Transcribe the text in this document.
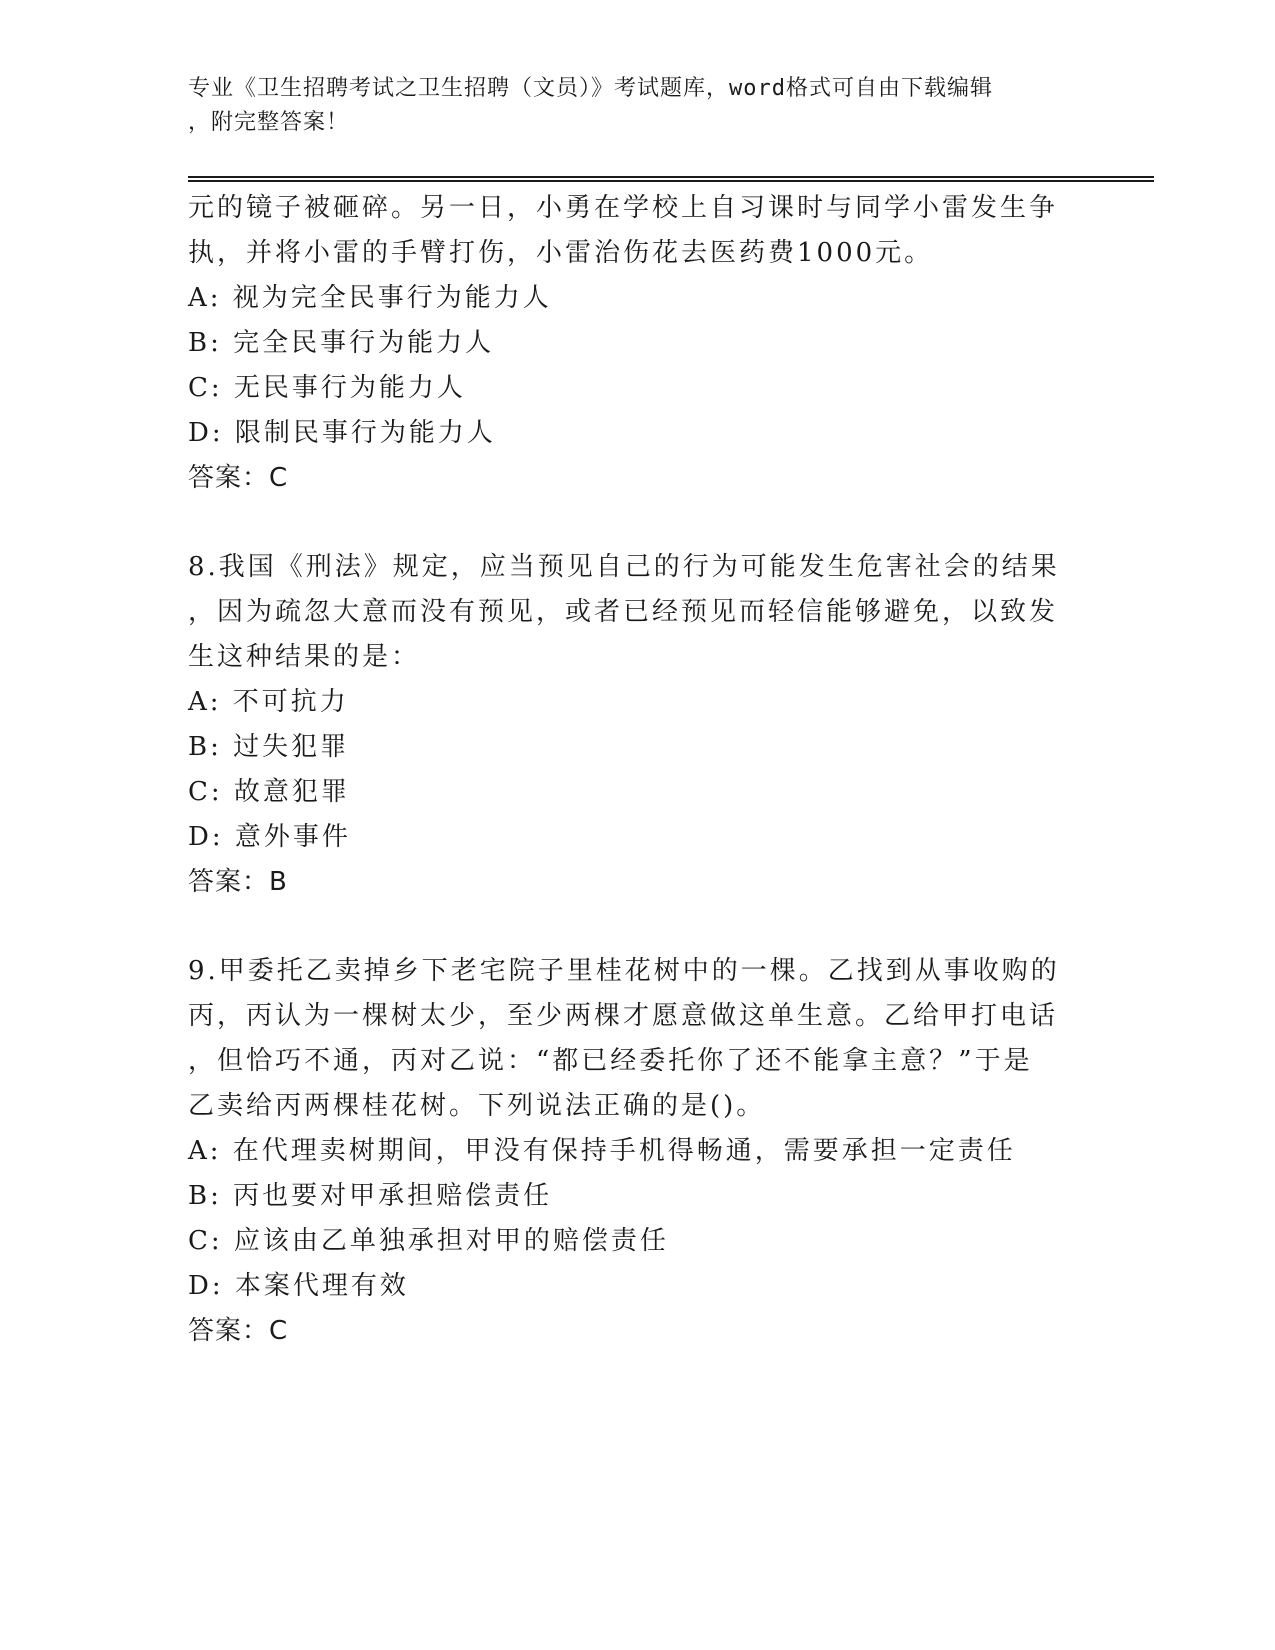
专业《卫生招聘考试之卫生招聘（文员）》考试题库，word格式可自由下载编辑
，附完整答案！

元的镜子被砸碎。另一日，小勇在学校上自习课时与同学小雷发生争

执，并将小雷的手臂打伤，小雷治伤花去医药费1000元。

A: 视为完全民事行为能力人

B: 完全民事行为能力人

C: 无民事行为能力人

D: 限制民事行为能力人

答案：C

8.我国《刑法》规定，应当预见自己的行为可能发生危害社会的结果

，因为疏忽大意而没有预见，或者已经预见而轻信能够避免，以致发

生这种结果的是：

A: 不可抗力

B: 过失犯罪

C: 故意犯罪

D: 意外事件

答案：B

9.甲委托乙卖掉乡下老宅院子里桂花树中的一棵。乙找到从事收购的

丙，丙认为一棵树太少，至少两棵才愿意做这单生意。乙给甲打电话

，但恰巧不通，丙对乙说：“都已经委托你了还不能拿主意？”于是

乙卖给丙两棵桂花树。下列说法正确的是()。

A: 在代理卖树期间，甲没有保持手机得畅通，需要承担一定责任

B: 丙也要对甲承担赔偿责任

C: 应该由乙单独承担对甲的赔偿责任

D: 本案代理有效

答案：C
